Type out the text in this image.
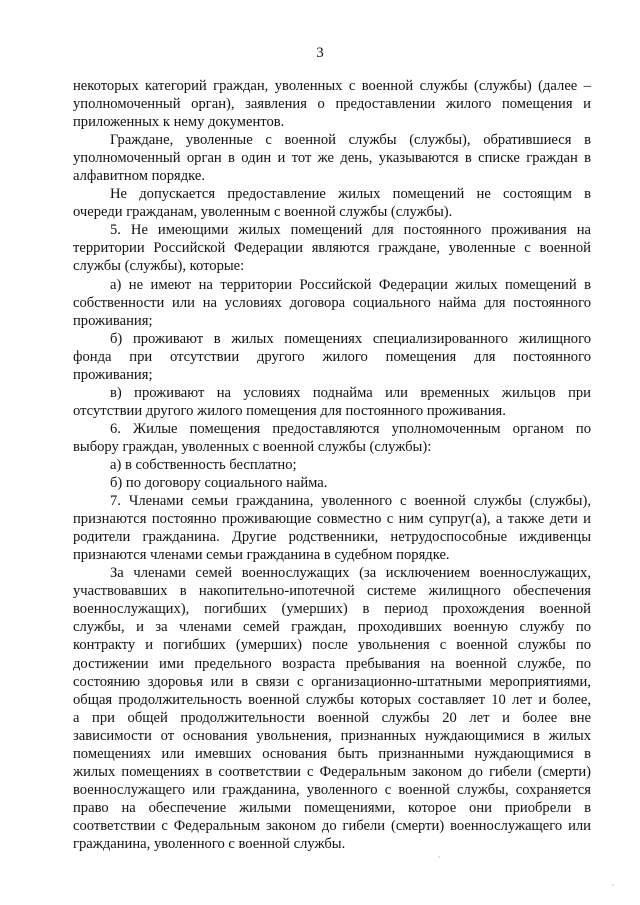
3
некоторых категорий граждан, уволенных с военной службы (службы) (далее –
уполномоченный орган), заявления о предоставлении жилого помещения и
приложенных к нему документов.
Граждане, уволенные с военной службы (службы), обратившиеся в
уполномоченный орган в один и тот же день, указываются в списке граждан в
алфавитном порядке.
Не допускается предоставление жилых помещений не состоящим в
очереди гражданам, уволенным с военной службы (службы).
5. Не имеющими жилых помещений для постоянного проживания на
территории Российской Федерации являются граждане, уволенные с военной
службы (службы), которые:
а) не имеют на территории Российской Федерации жилых помещений в
собственности или на условиях договора социального найма для постоянного
проживания;
б) проживают в жилых помещениях специализированного жилищного
фонда при отсутствии другого жилого помещения для постоянного
проживания;
в) проживают на условиях поднайма или временных жильцов при
отсутствии другого жилого помещения для постоянного проживания.
6. Жилые помещения предоставляются уполномоченным органом по
выбору граждан, уволенных с военной службы (службы):
а) в собственность бесплатно;
б) по договору социального найма.
7. Членами семьи гражданина, уволенного с военной службы (службы),
признаются постоянно проживающие совместно с ним супруг(а), а также дети и
родители гражданина. Другие родственники, нетрудоспособные иждивенцы
признаются членами семьи гражданина в судебном порядке.
За членами семей военнослужащих (за исключением военнослужащих,
участвовавших в накопительно-ипотечной системе жилищного обеспечения
военнослужащих), погибших (умерших) в период прохождения военной
службы, и за членами семей граждан, проходивших военную службу по
контракту и погибших (умерших) после увольнения с военной службы по
достижении ими предельного возраста пребывания на военной службе, по
состоянию здоровья или в связи с организационно-штатными мероприятиями,
общая продолжительность военной службы которых составляет 10 лет и более,
а при общей продолжительности военной службы 20 лет и более вне
зависимости от основания увольнения, признанных нуждающимися в жилых
помещениях или имевших основания быть признанными нуждающимися в
жилых помещениях в соответствии с Федеральным законом до гибели (смерти)
военнослужащего или гражданина, уволенного с военной службы, сохраняется
право на обеспечение жилыми помещениями, которое они приобрели в
соответствии с Федеральным законом до гибели (смерти) военнослужащего или
гражданина, уволенного с военной службы.
